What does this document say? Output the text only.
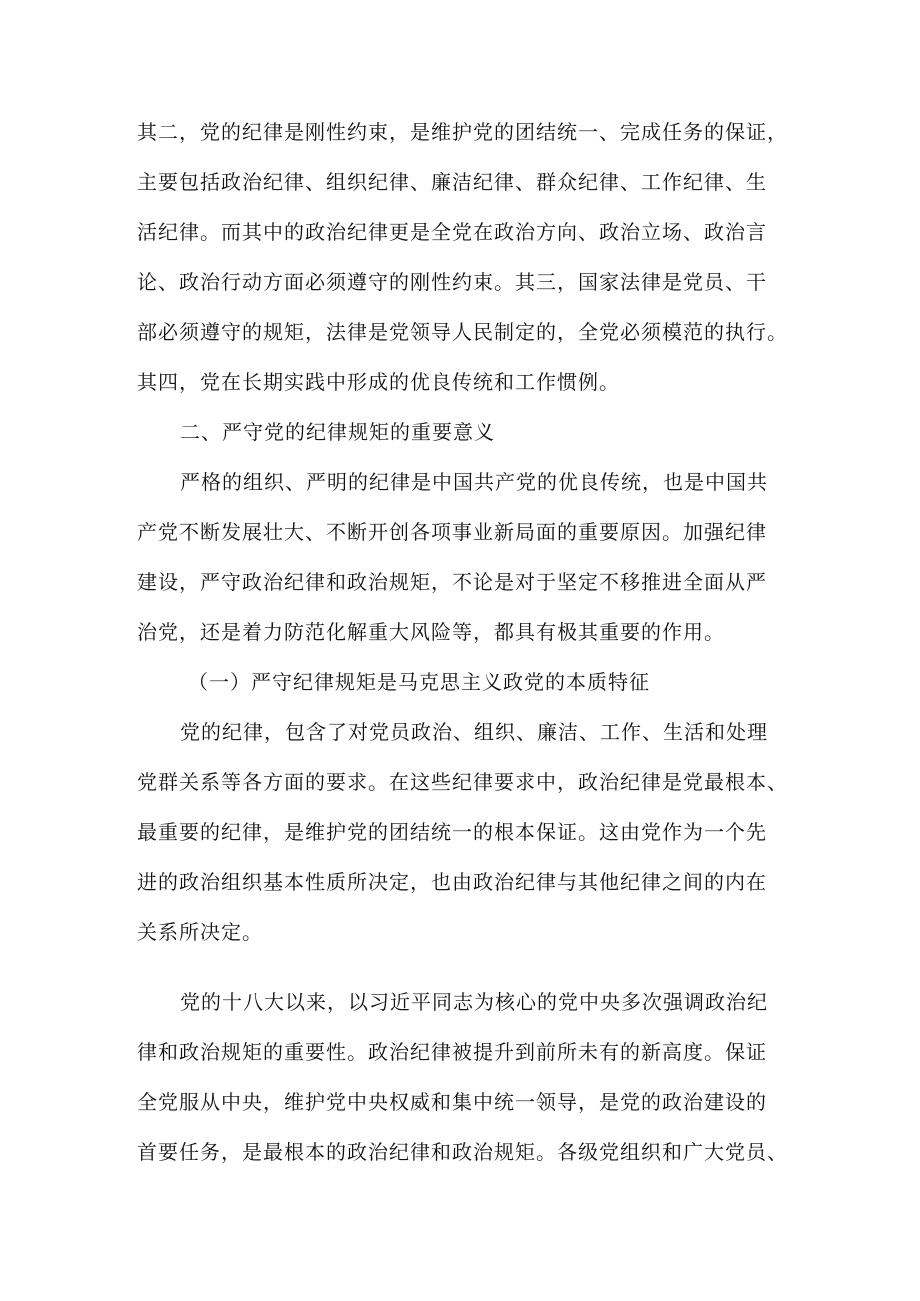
其二，党的纪律是刚性约束，是维护党的团结统一、完成任务的保证，

主要包括政治纪律、组织纪律、廉洁纪律、群众纪律、工作纪律、生

活纪律。而其中的政治纪律更是全党在政治方向、政治立场、政治言

论、政治行动方面必须遵守的刚性约束。其三，国家法律是党员、干

部必须遵守的规矩，法律是党领导人民制定的，全党必须模范的执行。

其四，党在长期实践中形成的优良传统和工作惯例。

二、严守党的纪律规矩的重要意义

严格的组织、严明的纪律是中国共产党的优良传统，也是中国共

产党不断发展壮大、不断开创各项事业新局面的重要原因。加强纪律

建设，严守政治纪律和政治规矩，不论是对于坚定不移推进全面从严

治党，还是着力防范化解重大风险等，都具有极其重要的作用。

（一）严守纪律规矩是马克思主义政党的本质特征

党的纪律，包含了对党员政治、组织、廉洁、工作、生活和处理

党群关系等各方面的要求。在这些纪律要求中，政治纪律是党最根本、

最重要的纪律，是维护党的团结统一的根本保证。这由党作为一个先

进的政治组织基本性质所决定，也由政治纪律与其他纪律之间的内在

关系所决定。

党的十八大以来，以习近平同志为核心的党中央多次强调政治纪

律和政治规矩的重要性。政治纪律被提升到前所未有的新高度。保证

全党服从中央，维护党中央权威和集中统一领导，是党的政治建设的

首要任务，是最根本的政治纪律和政治规矩。各级党组织和广大党员、
